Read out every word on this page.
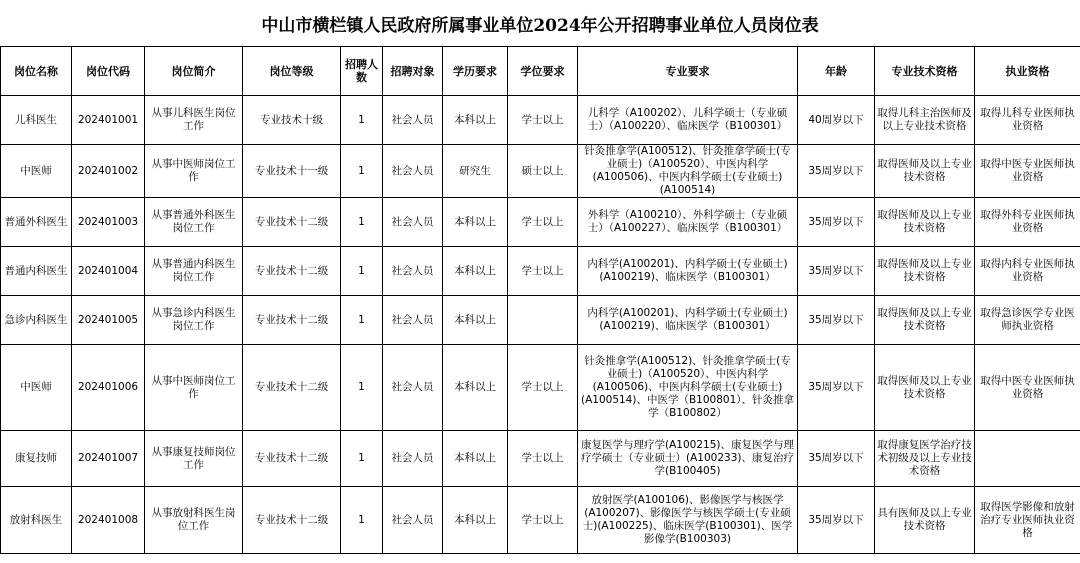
中山市横栏镇人民政府所属事业单位2024年公开招聘事业单位人员岗位表
岗位名称	岗位代码	岗位简介	岗位等级	招聘人数	招聘对象	学历要求	学位要求	专业要求	年龄	专业技术资格	执业资格
儿科医生	202401001	从事儿科医生岗位工作	专业技术十级	1	社会人员	本科以上	学士以上	儿科学（A100202）、儿科学硕士（专业硕士）（A100220）、临床医学（B100301）	40周岁以下	取得儿科主治医师及以上专业技术资格	取得儿科专业医师执业资格
中医师	202401002	从事中医师岗位工作	专业技术十一级	1	社会人员	研究生	硕士以上	针灸推拿学(A100512)、针灸推拿学硕士(专业硕士)（A100520）、中医内科学(A100506)、中医内科学硕士(专业硕士)(A100514)	35周岁以下	取得医师及以上专业技术资格	取得中医专业医师执业资格
普通外科医生	202401003	从事普通外科医生岗位工作	专业技术十二级	1	社会人员	本科以上	学士以上	外科学（A100210）、外科学硕士（专业硕士）（A100227）、临床医学（B100301）	35周岁以下	取得医师及以上专业技术资格	取得外科专业医师执业资格
普通内科医生	202401004	从事普通内科医生岗位工作	专业技术十二级	1	社会人员	本科以上	学士以上	内科学(A100201)、内科学硕士(专业硕士)(A100219)、临床医学（B100301）	35周岁以下	取得医师及以上专业技术资格	取得内科专业医师执业资格
急诊内科医生	202401005	从事急诊内科医生岗位工作	专业技术十二级	1	社会人员	本科以上		内科学(A100201)、内科学硕士(专业硕士)(A100219)、临床医学（B100301）	35周岁以下	取得医师及以上专业技术资格	取得急诊医学专业医师执业资格
中医师	202401006	从事中医师岗位工作	专业技术十二级	1	社会人员	本科以上	学士以上	针灸推拿学(A100512)、针灸推拿学硕士(专业硕士)（A100520）、中医内科学(A100506)、中医内科学硕士(专业硕士)(A100514)、中医学（B100801）、针灸推拿学（B100802）	35周岁以下	取得医师及以上专业技术资格	取得中医专业医师执业资格
康复技师	202401007	从事康复技师岗位工作	专业技术十二级	1	社会人员	本科以上	学士以上	康复医学与理疗学(A100215)、康复医学与理疗学硕士（专业硕士）(A100233)、康复治疗学(B100405)	35周岁以下	取得康复医学治疗技术初级及以上专业技术资格	
放射科医生	202401008	从事放射科医生岗位工作	专业技术十二级	1	社会人员	本科以上	学士以上	放射医学(A100106)、影像医学与核医学(A100207)、影像医学与核医学硕士(专业硕士)(A100225)、临床医学(B100301)、医学影像学(B100303)	35周岁以下	具有医师及以上专业技术资格	取得医学影像和放射治疗专业医师执业资格
